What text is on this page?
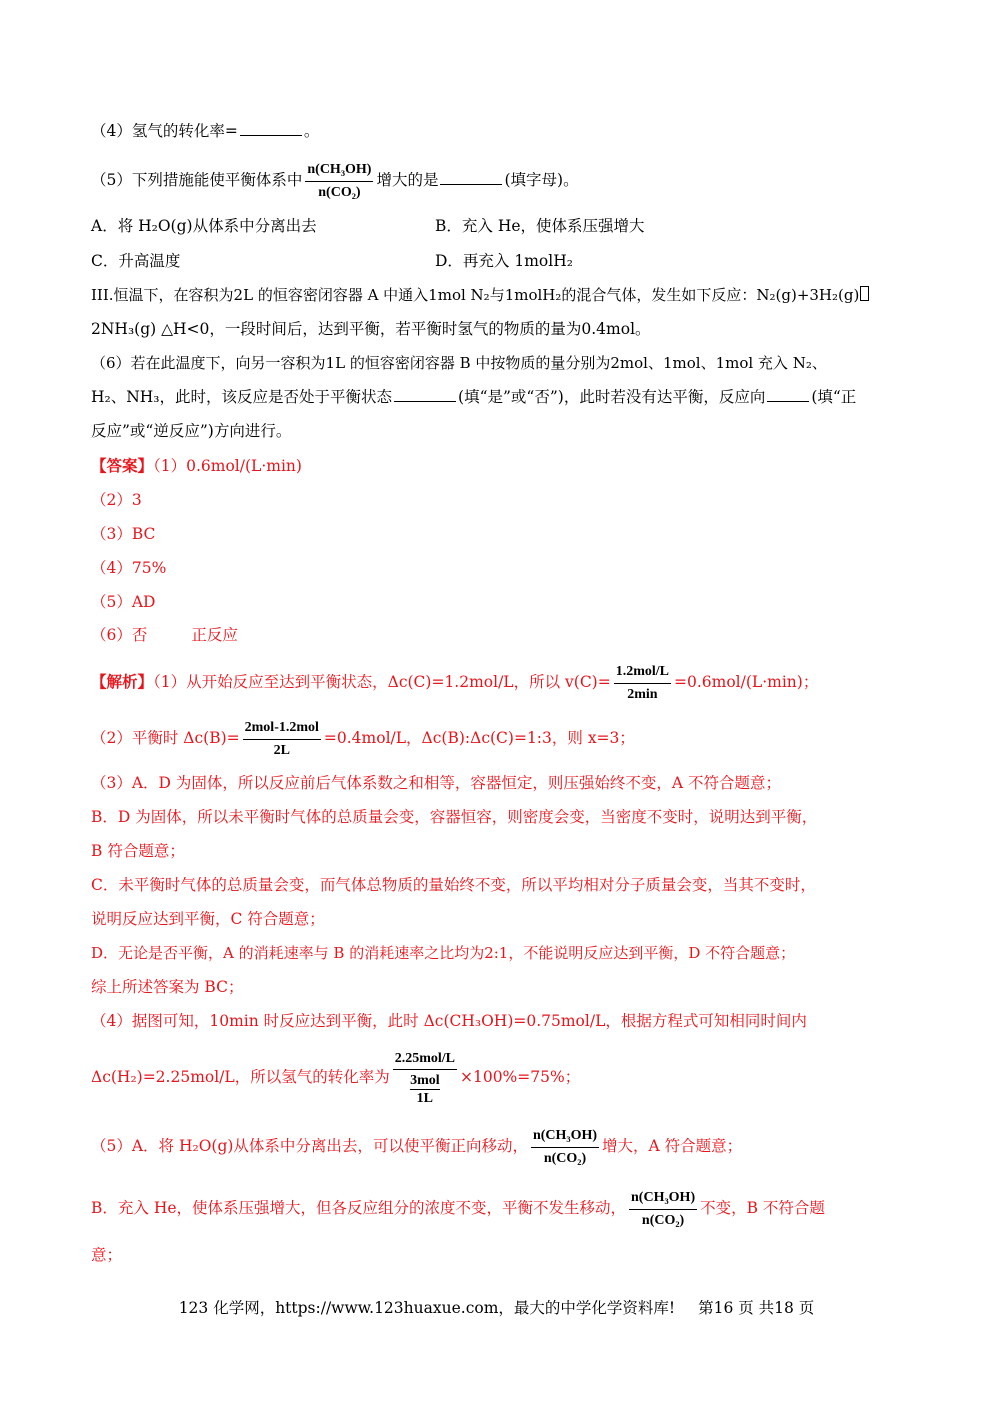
（4）氢气的转化率=	。
（5）下列措施能使平衡体系中 $\frac{\text{n(CH₃OH)}}{\text{n(CO₂)}}$ 增大的是	(填字母)。
A．将 H₂O(g)从体系中分离出去	B．充入 He，使体系压强增大
C．升高温度	D．再充入 1molH₂
III.恒温下，在容积为2L 的恒容密闭容器 A 中通入1mol N₂与1molH₂的混合气体，发生如下反应：N₂(g)+3H₂(g)
2NH₃(g) △H<0，一段时间后，达到平衡，若平衡时氢气的物质的量为0.4mol。
（6）若在此温度下，向另一容积为1L 的恒容密闭容器 B 中按物质的量分别为2mol、1mol、1mol 充入 N₂、
H₂、NH₃，此时，该反应是否处于平衡状态	(填“是”或“否”)，此时若没有达平衡，反应向	(填“正
反应”或“逆反应”)方向进行。
【答案】（1）0.6mol/(L·min)
（2）3
（3）BC
（4）75%
（5）AD
（6）否	正反应
【解析】（1）从开始反应至达到平衡状态，Δc(C)=1.2mol/L，所以 $v(C)= \frac{\text{1.2mol/L}}{2\min} =0.6mol/(L\cdot\min)$；
（2）平衡时 $\Delta c(B)= \frac{\text{2mol-1.2mol}}{2L} =0.4mol/L$，Δc(B):Δc(C)=1:3，则 x=3；
（3）A．D 为固体，所以反应前后气体系数之和相等，容器恒定，则压强始终不变，A 不符合题意；
B．D 为固体，所以未平衡时气体的总质量会变，容器恒容，则密度会变，当密度不变时，说明达到平衡，
B 符合题意；
C．未平衡时气体的总质量会变，而气体总物质的量始终不变，所以平均相对分子质量会变，当其不变时，
说明反应达到平衡，C 符合题意；
D．无论是否平衡，A 的消耗速率与 B 的消耗速率之比均为2:1，不能说明反应达到平衡，D 不符合题意；
综上所述答案为 BC；
（4）据图可知，10min 时反应达到平衡，此时 Δc(CH₃OH)=0.75mol/L，根据方程式可知相同时间内
Δc(H₂)=2.25mol/L，所以氢气的转化率为 2.25mol/L
3mol
1L ×100%=75%；
（5）A．将 H₂O(g)从体系中分离出去，可以使平衡正向移动， $\frac{\text{n(CH₃OH)}}{\text{n(CO₂)}}$ 增大，A 符合题意；
B．充入 He，使体系压强增大，但各反应组分的浓度不变，平衡不发生移动， $\frac{\text{n(CH₃OH)}}{\text{n(CO₂)}}$ 不变，B 不符合题
意；
123 化学网，https://www.123huaxue.com，最大的中学化学资料库! 第16 页 共18 页
